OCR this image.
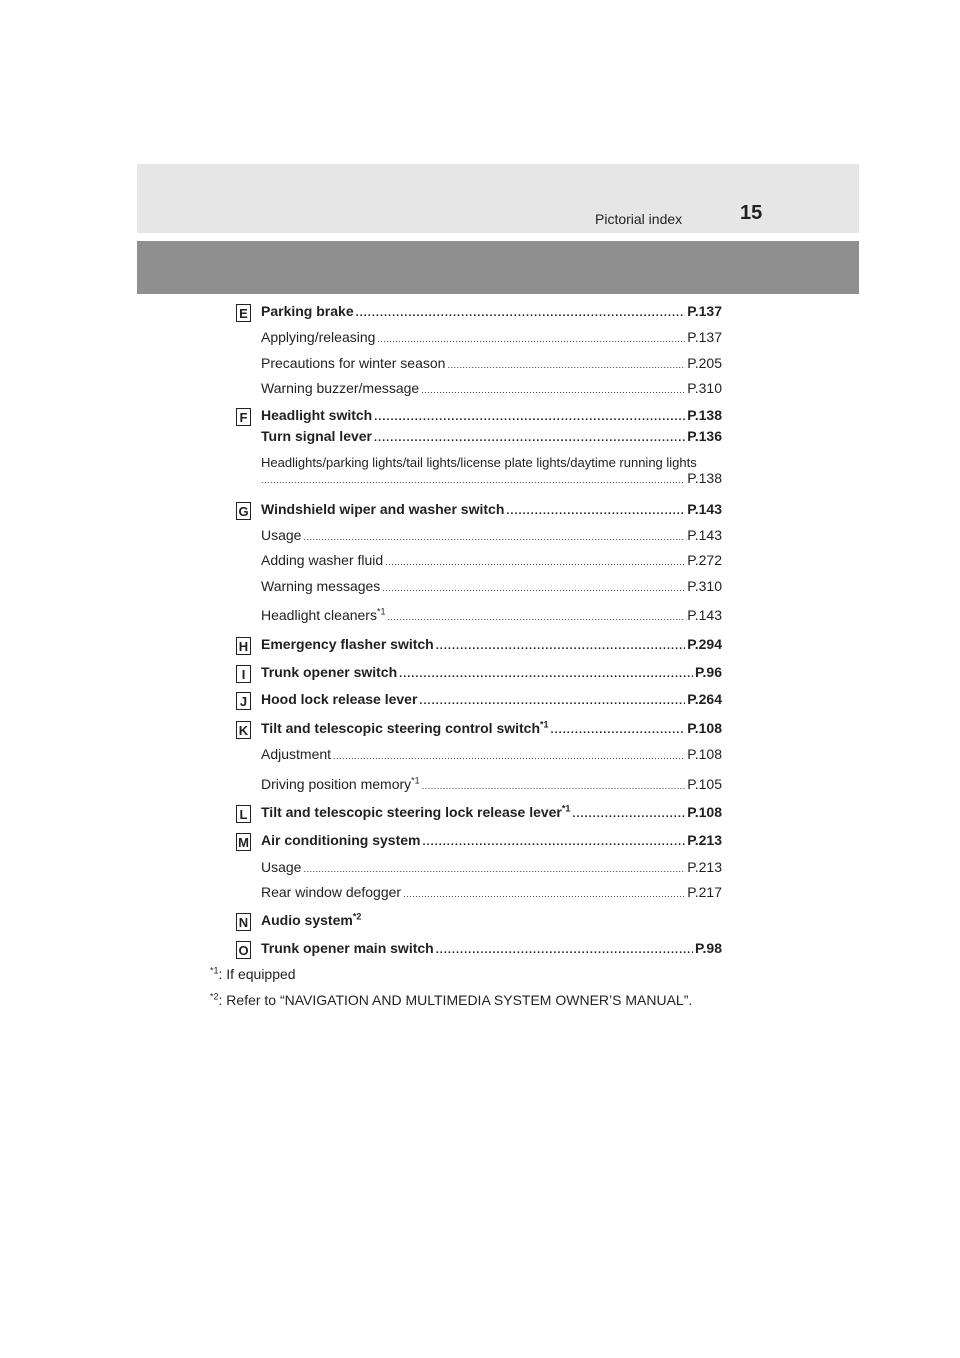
Pictorial index	15
E Parking brake .....	P.137
Applying/releasing .....	P.137
Precautions for winter season .....	P.205
Warning buzzer/message .....	P.310
F Headlight switch .....	P.138
Turn signal lever .....	P.136
Headlights/parking lights/tail lights/license plate lights/daytime running lights
.....
P.138
G Windshield wiper and washer switch .....	P.143
Usage .....	P.143
Adding washer fluid .....	P.272
Warning messages .....	P.310
Headlight cleaners$^{*1}$ .....	P.143
H Emergency flasher switch .....	P.294
I	Trunk opener switch .....	P.96
J Hood lock release lever .....	P.264
K Tilt and telescopic steering control switch$^{*1}$ .....	P.108
Adjustment .....	P.108
Driving position memory$^{*1}$ .....	P.105
L Tilt and telescopic steering lock release lever$^{*1}$ .....	P.108
M Air conditioning system .....	P.213
Usage .....	P.213
Rear window defogger .....	P.217
N Audio system$^{*2}$
O Trunk opener main switch .....	P.98
$^{*1}$: If equipped
$^{*2}$: Refer to “NAVIGATION AND MULTIMEDIA SYSTEM OWNER’S MANUAL”.
